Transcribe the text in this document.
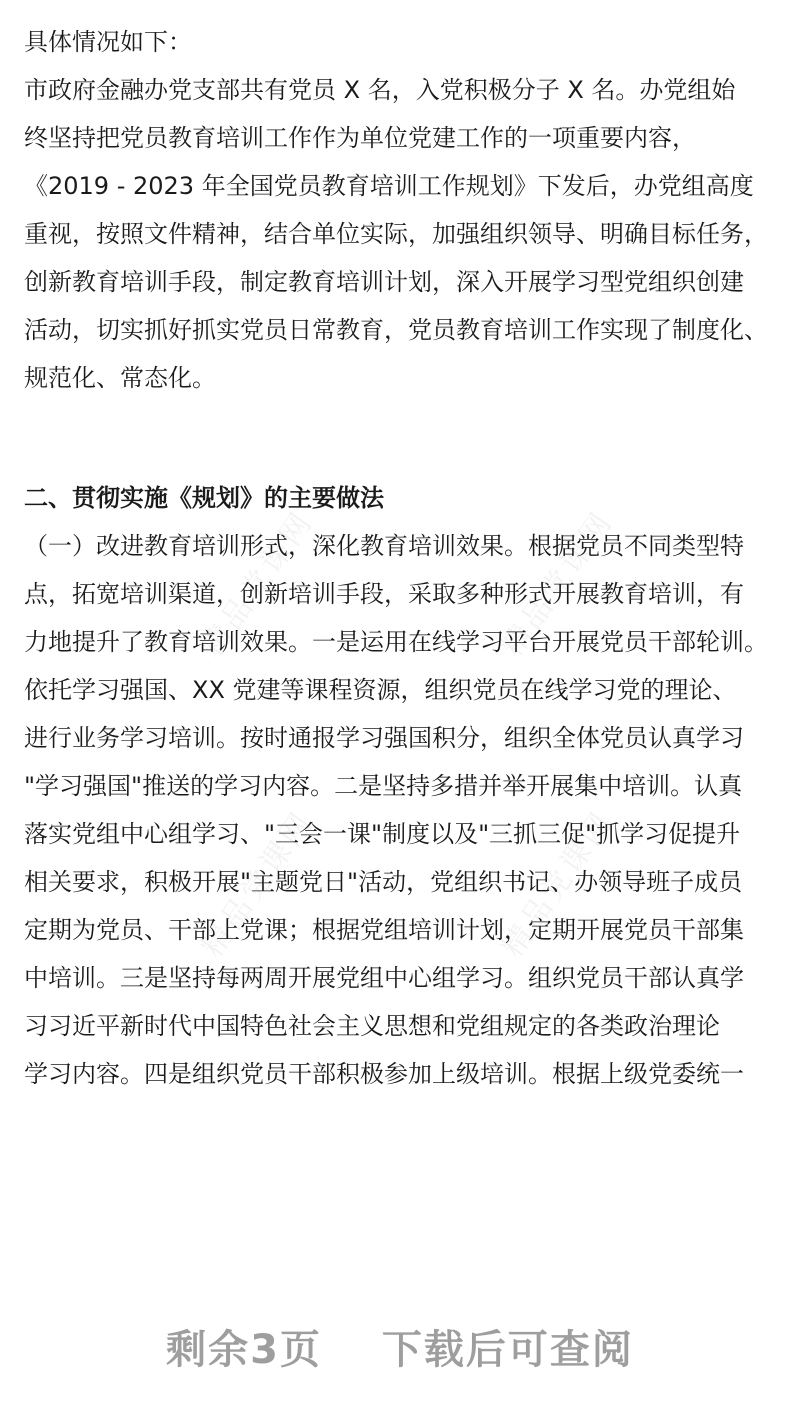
精品党课网	精品党课网
精品党课网	精品党课网
具体情况如下：
市政府金融办党支部共有党员 X 名，入党积极分子 X 名。办党组始
终坚持把党员教育培训工作作为单位党建工作的一项重要内容，
《2019 - 2023 年全国党员教育培训工作规划》下发后，办党组高度
重视，按照文件精神，结合单位实际，加强组织领导、明确目标任务，
创新教育培训手段，制定教育培训计划，深入开展学习型党组织创建
活动，切实抓好抓实党员日常教育，党员教育培训工作实现了制度化、
规范化、常态化。
二、贯彻实施《规划》的主要做法
（一）改进教育培训形式，深化教育培训效果。根据党员不同类型特
点，拓宽培训渠道，创新培训手段，采取多种形式开展教育培训，有
力地提升了教育培训效果。一是运用在线学习平台开展党员干部轮训。
依托学习强国、XX 党建等课程资源，组织党员在线学习党的理论、
进行业务学习培训。按时通报学习强国积分，组织全体党员认真学习
"学习强国"推送的学习内容。二是坚持多措并举开展集中培训。认真
落实党组中心组学习、"三会一课"制度以及"三抓三促"抓学习促提升
相关要求，积极开展"主题党日"活动，党组织书记、办领导班子成员
定期为党员、干部上党课；根据党组培训计划，定期开展党员干部集
中培训。三是坚持每两周开展党组中心组学习。组织党员干部认真学
习习近平新时代中国特色社会主义思想和党组规定的各类政治理论
学习内容。四是组织党员干部积极参加上级培训。根据上级党委统一
剩余3页 下载后可查阅
